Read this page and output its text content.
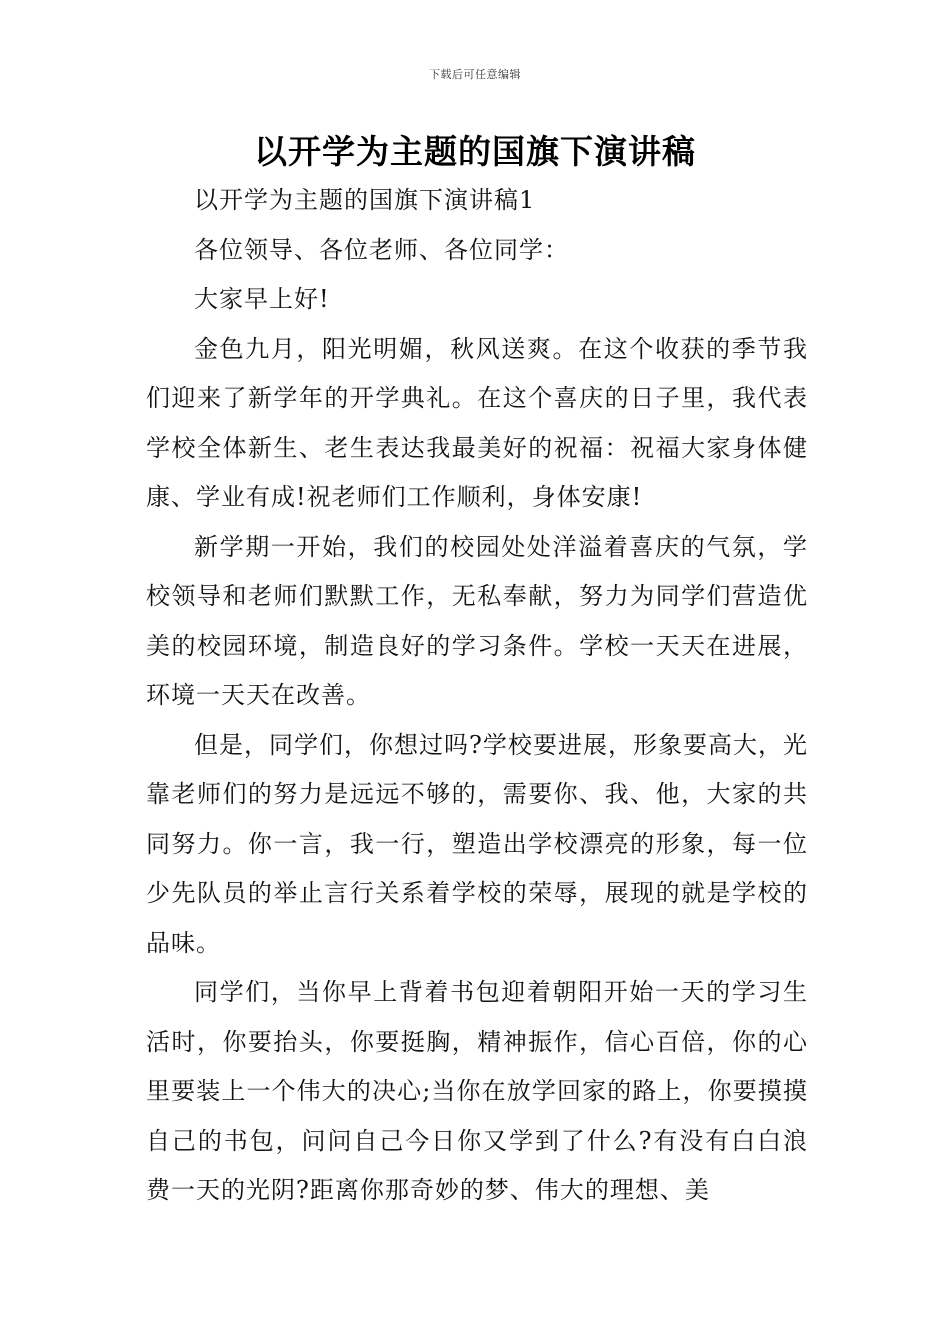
下载后可任意编辑
以开学为主题的国旗下演讲稿

以开学为主题的国旗下演讲稿1

各位领导、各位老师、各位同学：

大家早上好!

金色九月，阳光明媚，秋风送爽。在这个收获的季节我们迎来了新学年的开学典礼。在这个喜庆的日子里，我代表学校全体新生、老生表达我最美好的祝福：祝福大家身体健康、学业有成!祝老师们工作顺利，身体安康!

新学期一开始，我们的校园处处洋溢着喜庆的气氛，学校领导和老师们默默工作，无私奉献，努力为同学们营造优美的校园环境，制造良好的学习条件。学校一天天在进展，环境一天天在改善。

但是，同学们，你想过吗?学校要进展，形象要高大，光靠老师们的努力是远远不够的，需要你、我、他，大家的共同努力。你一言，我一行，塑造出学校漂亮的形象，每一位少先队员的举止言行关系着学校的荣辱，展现的就是学校的品味。

同学们，当你早上背着书包迎着朝阳开始一天的学习生活时，你要抬头，你要挺胸，精神振作，信心百倍，你的心里要装上一个伟大的决心;当你在放学回家的路上，你要摸摸自己的书包，问问自己今日你又学到了什么?有没有白白浪费一天的光阴?距离你那奇妙的梦、伟大的理想、美
